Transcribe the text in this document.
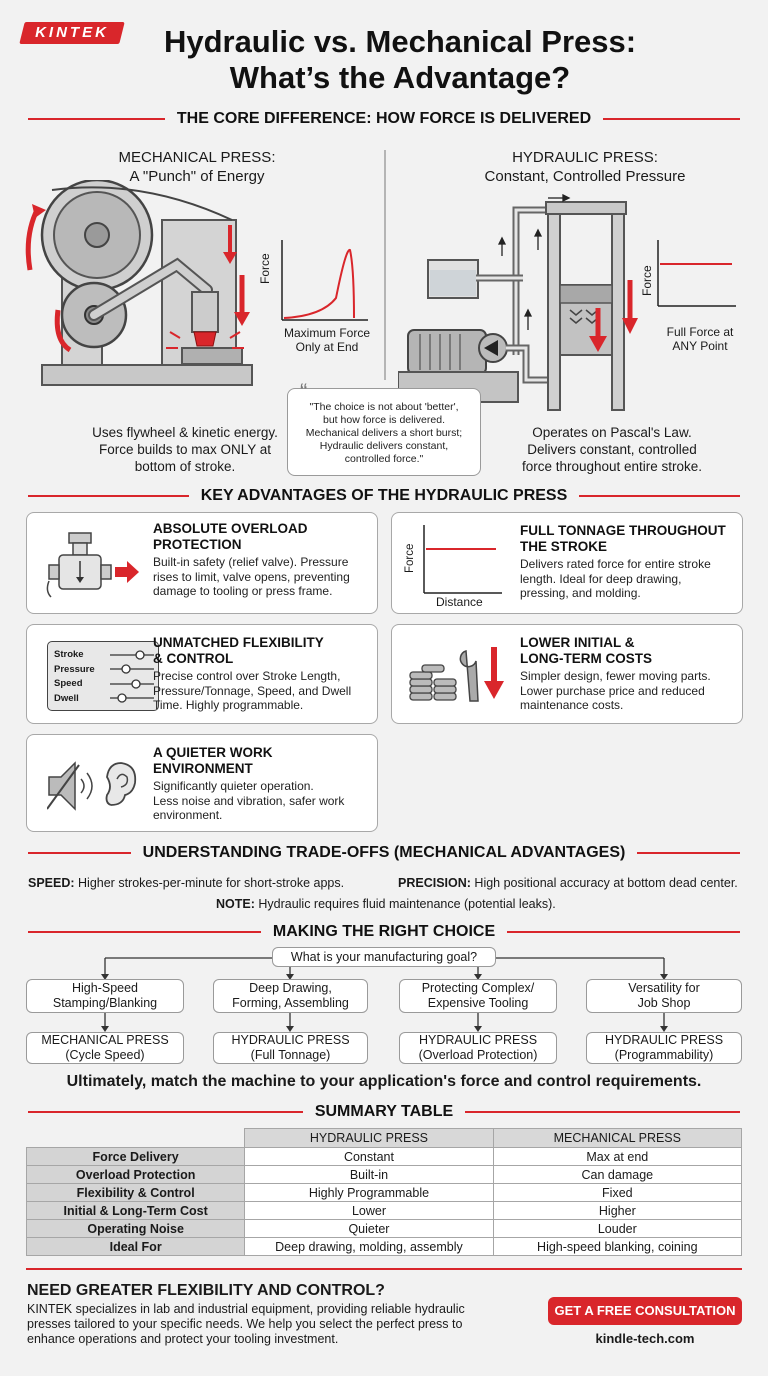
KINTEK	Hydraulic vs. Mechanical Press:
What’s the Advantage?
THE CORE DIFFERENCE: HOW FORCE IS DELIVERED
MECHANICAL PRESS:
A "Punch" of Energy
HYDRAULIC PRESS:
Constant, Controlled Pressure
Force
Maximum Force
Only at End
Force
Full Force at
ANY Point
Uses flywheel & kinetic energy.
Force builds to max ONLY at
bottom of stroke.
Operates on Pascal's Law.
Delivers constant, controlled
force throughout entire stroke.
“
"The choice is not about 'better',
but how force is delivered.
Mechanical delivers a short burst;
Hydraulic delivers constant,
controlled force."
KEY ADVANTAGES OF THE HYDRAULIC PRESS
ABSOLUTE OVERLOAD
PROTECTION
Built-in safety (relief valve). Pressure
rises to limit, valve opens, preventing
damage to tooling or press frame.
Force
Distance
FULL TONNAGE THROUGHOUT
THE STROKE
Delivers rated force for entire stroke
length. Ideal for deep drawing,
pressing, and molding.
Stroke
Pressure
Speed
Dwell
UNMATCHED FLEXIBILITY
& CONTROL
Precise control over Stroke Length,
Pressure/Tonnage, Speed, and Dwell
Time. Highly programmable.
LOWER INITIAL &
LONG-TERM COSTS
Simpler design, fewer moving parts.
Lower purchase price and reduced
maintenance costs.
A QUIETER WORK
ENVIRONMENT
Significantly quieter operation.
Less noise and vibration, safer work
environment.
UNDERSTANDING TRADE-OFFS (MECHANICAL ADVANTAGES)
SPEED: Higher strokes-per-minute for short-stroke apps.	PRECISION: High positional accuracy at bottom dead center.
NOTE: Hydraulic requires fluid maintenance (potential leaks).
MAKING THE RIGHT CHOICE
What is your manufacturing goal?
High-Speed
Stamping/Blanking
Deep Drawing,
Forming, Assembling
Protecting Complex/
Expensive Tooling
Versatility for
Job Shop
MECHANICAL PRESS
(Cycle Speed)
HYDRAULIC PRESS
(Full Tonnage)
HYDRAULIC PRESS
(Overload Protection)
HYDRAULIC PRESS
(Programmability)
Ultimately, match the machine to your application's force and control requirements.
SUMMARY TABLE
	HYDRAULIC PRESS	MECHANICAL PRESS
Force Delivery	Constant	Max at end
Overload Protection	Built-in	Can damage
Flexibility & Control	Highly Programmable	Fixed
Initial & Long-Term Cost	Lower	Higher
Operating Noise	Quieter	Louder
Ideal For	Deep drawing, molding, assembly	High-speed blanking, coining
NEED GREATER FLEXIBILITY AND CONTROL?
KINTEK specializes in lab and industrial equipment, providing reliable hydraulic
presses tailored to your specific needs. We help you select the perfect press to
enhance operations and protect your tooling investment.
GET A FREE CONSULTATION
kindle-tech.com
